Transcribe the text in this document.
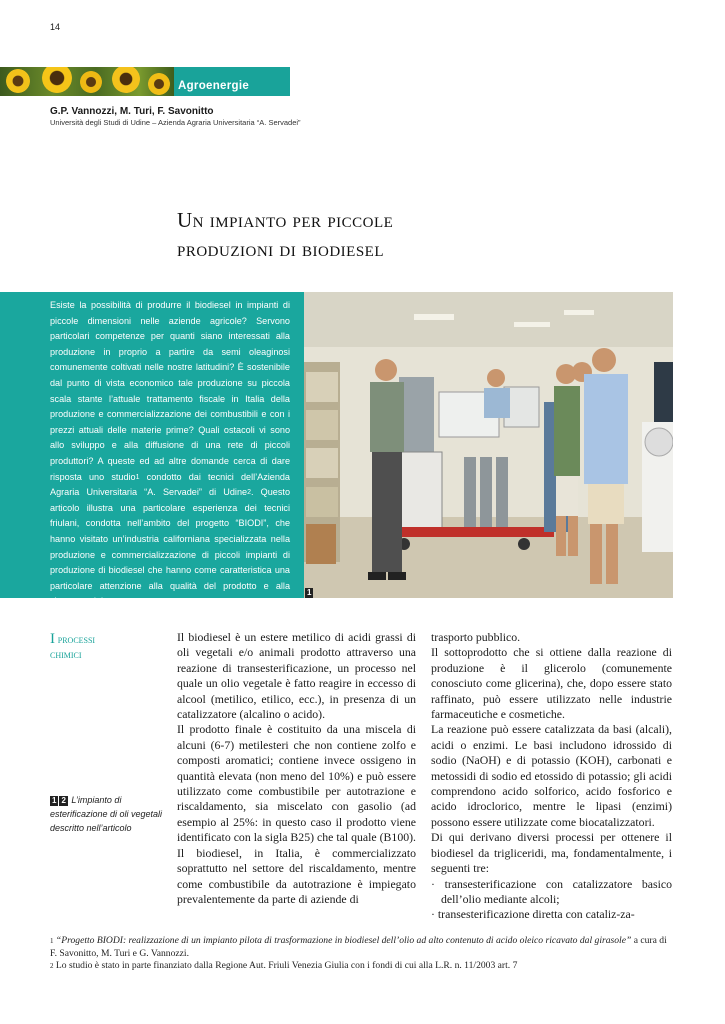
14
Agroenergie
G.P. Vannozzi, M. Turi, F. Savonitto
Università degli Studi di Udine – Azienda Agraria Universitaria “A. Servadei”
Un impianto per piccole
produzioni di biodiesel
Esiste la possibilità di produrre il biodiesel in impianti di piccole dimensioni nelle aziende agricole? Servono particolari competenze per quanti siano interessati alla produzione in proprio a partire da semi oleaginosi comunemente coltivati nelle nostre latitudini? È sostenibile dal punto di vista economico tale produzione su piccola scala stante l’attuale trattamento fiscale in Italia della produzione e commercializzazione dei combustibili e con i prezzi attuali delle materie prime? Quali ostacoli vi sono allo sviluppo e alla diffusione di una rete di piccoli produttori? A queste ed ad altre domande cerca di dare risposta uno studio$^1$ condotto dai tecnici dell’Azienda Agraria Universitaria “A. Servadei” di Udine$^2$. Questo articolo illustra una particolare esperienza dei tecnici friulani, condotta nell’ambito del progetto “BIODI”, che hanno visitato un’industria californiana specializzata nella produzione e commercializzazione di piccoli impianti di produzione di biodiesel che hanno come caratteristica una particolare attenzione alla qualità del prodotto e alla sicurezza del processo.
1
I processi
chimici
1 2 L’impianto di esterificazione di oli vegetali descritto nell’articolo

Il biodiesel è un estere metilico di acidi grassi di oli vegetali e/o animali prodotto attraverso una reazione di transesterificazione, un processo nel quale un olio vegetale è fatto reagire in eccesso di alcool (metilico, etilico, ecc.), in presenza di un catalizzatore (alcalino o acido).

Il prodotto finale è costituito da una miscela di alcuni (6-7) metilesteri che non contiene zolfo e composti aromatici; contiene invece ossigeno in quantità elevata (non meno del 10%) e può essere utilizzato come combustibile per autotrazione e riscaldamento, sia miscelato con gasolio (ad esempio al 25%: in questo caso il prodotto viene identificato con la sigla B25) che tal quale (B100). Il biodiesel, in Italia, è commercializzato soprattutto nel settore del riscaldamento, mentre come combustibile da autotrazione è impiegato prevalentemente da parte di aziende di

trasporto pubblico.

Il sottoprodotto che si ottiene dalla reazione di produzione è il glicerolo (comunemente conosciuto come glicerina), che, dopo essere stato raffinato, può essere utilizzato nelle industrie farmaceutiche e cosmetiche.

La reazione può essere catalizzata da basi (alcali), acidi o enzimi. Le basi includono idrossido di sodio (NaOH) e di potassio (KOH), carbonati e metossidi di sodio ed etossido di potassio; gli acidi comprendono acido solforico, acido fosforico e acido idroclorico, mentre le lipasi (enzimi) possono essere utilizzate come biocatalizzatori.

Di qui derivano diversi processi per ottenere il biodiesel da trigliceridi, ma, fondamentalmente, i seguenti tre:

· transesterificazione con catalizzatore basico dell’olio mediante alcoli;

· transesterificazione diretta con cataliz-za-

$^1$ “Progetto BIODI: realizzazione di un impianto pilota di trasformazione in biodiesel dell’olio ad alto contenuto di acido oleico ricavato dal girasole” a cura di F. Savonitto, M. Turi e G. Vannozzi.

$^2$ Lo studio è stato in parte finanziato dalla Regione Aut. Friuli Venezia Giulia con i fondi di cui alla L.R. n. 11/2003 art. 7
